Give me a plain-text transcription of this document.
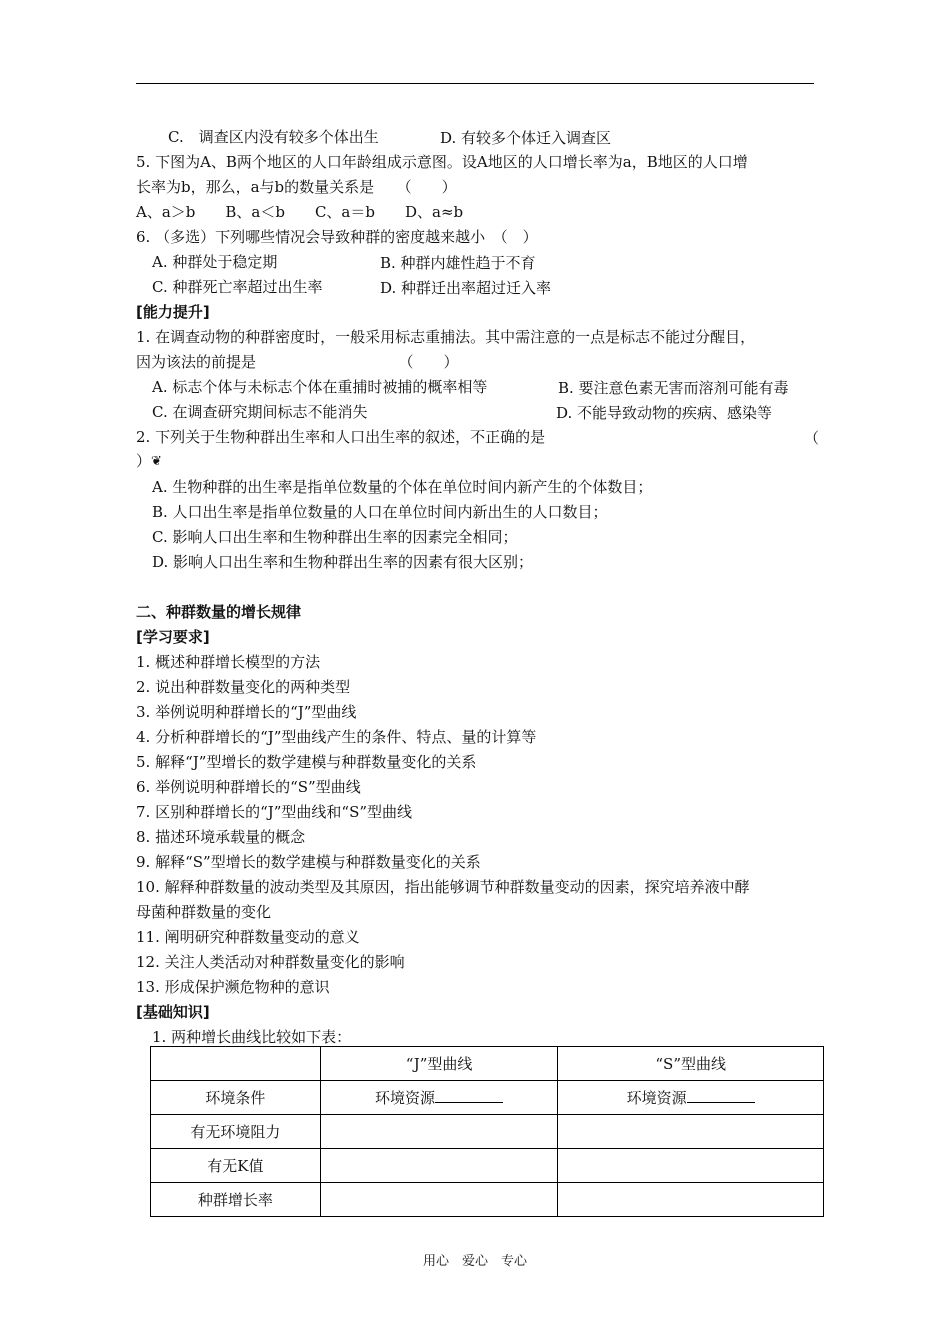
C.　调查区内没有较多个体出生	D. 有较多个体迁入调查区
5. 下图为A、B两个地区的人口年龄组成示意图。设A地区的人口增长率为a，B地区的人口增
长率为b，那么，a与b的数量关系是　　（　　）
A、a＞b　　B、a＜b　　C、a＝b　　D、a≈b
6. （多选）下列哪些情况会导致种群的密度越来越小　（　）
A. 种群处于稳定期	B. 种群内雄性趋于不育
C. 种群死亡率超过出生率	D. 种群迁出率超过迁入率
[能力提升]
1. 在调查动物的种群密度时，一般采用标志重捕法。其中需注意的一点是标志不能过分醒目，
因为该法的前提是　　　　　　　　　　（　　）
A. 标志个体与未标志个体在重捕时被捕的概率相等	B. 要注意色素无害而溶剂可能有毒
C. 在调查研究期间标志不能消失	D. 不能导致动物的疾病、感染等
2. 下列关于生物种群出生率和人口出生率的叙述，不正确的是	（
）❦
A. 生物种群的出生率是指单位数量的个体在单位时间内新产生的个体数目；
B. 人口出生率是指单位数量的人口在单位时间内新出生的人口数目；
C. 影响人口出生率和生物种群出生率的因素完全相同；
D. 影响人口出生率和生物种群出生率的因素有很大区别；
二、种群数量的增长规律
[学习要求]
1. 概述种群增长模型的方法
2. 说出种群数量变化的两种类型
3. 举例说明种群增长的“J”型曲线
4. 分析种群增长的“J”型曲线产生的条件、特点、量的计算等
5. 解释“J”型增长的数学建模与种群数量变化的关系
6. 举例说明种群增长的“S”型曲线
7. 区别种群增长的“J”型曲线和“S”型曲线
8. 描述环境承载量的概念
9. 解释“S”型增长的数学建模与种群数量变化的关系
10. 解释种群数量的波动类型及其原因，指出能够调节种群数量变动的因素，探究培养液中酵
母菌种群数量的变化
11. 阐明研究种群数量变动的意义
12. 关注人类活动对种群数量变化的影响
13. 形成保护濒危物种的意识
[基础知识]
1. 两种增长曲线比较如下表：
	“J”型曲线	“S”型曲线
环境条件	环境资源	环境资源
有无环境阻力		
有无K值		
种群增长率		
用心　爱心　专心
